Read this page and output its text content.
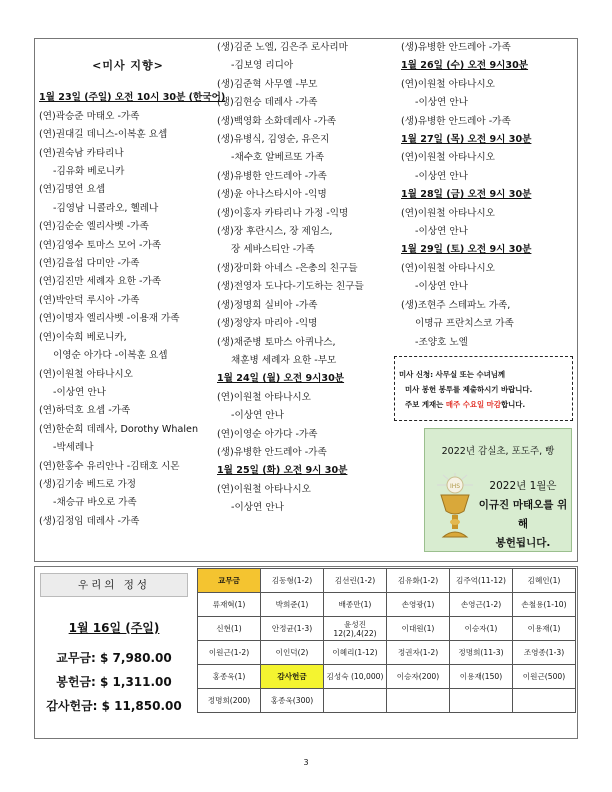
<미사 지향>
1월 23일 (주일) 오전 10시 30분 (한국어)
(연)곽승준 마태오 -가족
(연)권대길 데니스-이복훈 요셉
(연)권숙남 카타리나
-김유화 베로니카
(연)김명연 요셉
-김영남 니콜라오, 헬레나
(연)김순순 엘리사벳 -가족
(연)김영수 토마스 모어 -가족
(연)김을섭 다미안 -가족
(연)김진만 세례자 요한 -가족
(연)박안덕 루시아 -가족
(연)이명자 엘리사벳 -이용재 가족
(연)이숙희 베로니카,
이영순 아가다 -이복훈 요셉
(연)이원철 아타나시오
-이상연 안나
(연)하덕호 요셉 -가족
(연)한순희 데레사, Dorothy Whalen
-박세레나
(연)한홍수 유리안나 -김태호 시몬
(생)김기송 베드로 가정
-채승규 바오로 가족
(생)김정임 데레사 -가족
(생)김준 노엘, 김은주 로사리마
-김보영 리디아
(생)김준혁 사무엘 -부모
(생)김현승 데레사 -가족
(생)백영화 소화데레사 -가족
(생)유병식, 김영순, 유은지
-채수호 알베르또 가족
(생)유병한 안드레아 -가족
(생)윤 아나스타시아 -익명
(생)이홍자 카타리나 가정 -익명
(생)장 후란시스, 장 제임스,
장 세바스티안 -가족
(생)장미화 아네스 -은총의 친구들
(생)전영자 도나다-기도하는 친구들
(생)정명희 실비아 -가족
(생)정양자 마리아 -익명
(생)채준병 토마스 아퀴나스,
채훈병 세례자 요한 -부모
1월 24일 (월) 오전 9시30분
(연)이원철 아타나시오
-이상연 안나
(연)이영순 아가다 -가족
(생)유병한 안드레아 -가족
1월 25일 (화) 오전 9시 30분
(연)이원철 아타나시오
-이상연 안나
(생)유병한 안드레아 -가족
1월 26일 (수) 오전 9시30분
(연)이원철 아타나시오
-이상연 안나
(생)유병한 안드레아 -가족
1월 27일 (목) 오전 9시 30분
(연)이원철 아타나시오
-이상연 안나
1월 28일 (금) 오전 9시 30분
(연)이원철 아타나시오
-이상연 안나
1월 29일 (토) 오전 9시 30분
(연)이원철 아타나시오
-이상연 안나
(생)조현주 스테파노 가족,
이명규 프란치스코 가족
-조양호 노엘
미사 신청: 사무실 또는 수녀님께
미사 봉헌 봉투를 제출하시기 바랍니다.
주보 게재는 매주 수요일 마감합니다.
2022년 감실초, 포도주, 빵
IHS	2022년 1월은
이규진 마태오를 위해
봉헌됩니다.
우리의 정성
1월 16일 (주일)
교무금: $ 7,980.00
봉헌금: $ 1,311.00
감사헌금: $ 11,850.00
교무금	김동형(1-2)	김선린(1-2)	김유화(1-2)	김주억(11-12)	김혜인(1)
류재혁(1)	박희준(1)	배종만(1)	손영광(1)	손영근(1-2)	손철용(1-10)
신현(1)	안정균(1-3)	윤성진 12(2),4(22)	이대원(1)	이승자(1)	이용재(1)
이원근(1-2)	이인덕(2)	이혜리(1-12)	정권자(1-2)	정명희(11-3)	조영종(1-3)
홍종욱(1)	감사헌금	김성숙 (10,000)	이승자(200)	이용재(150)	이원근(500)
정명희(200)	홍종욱(300)				
3
